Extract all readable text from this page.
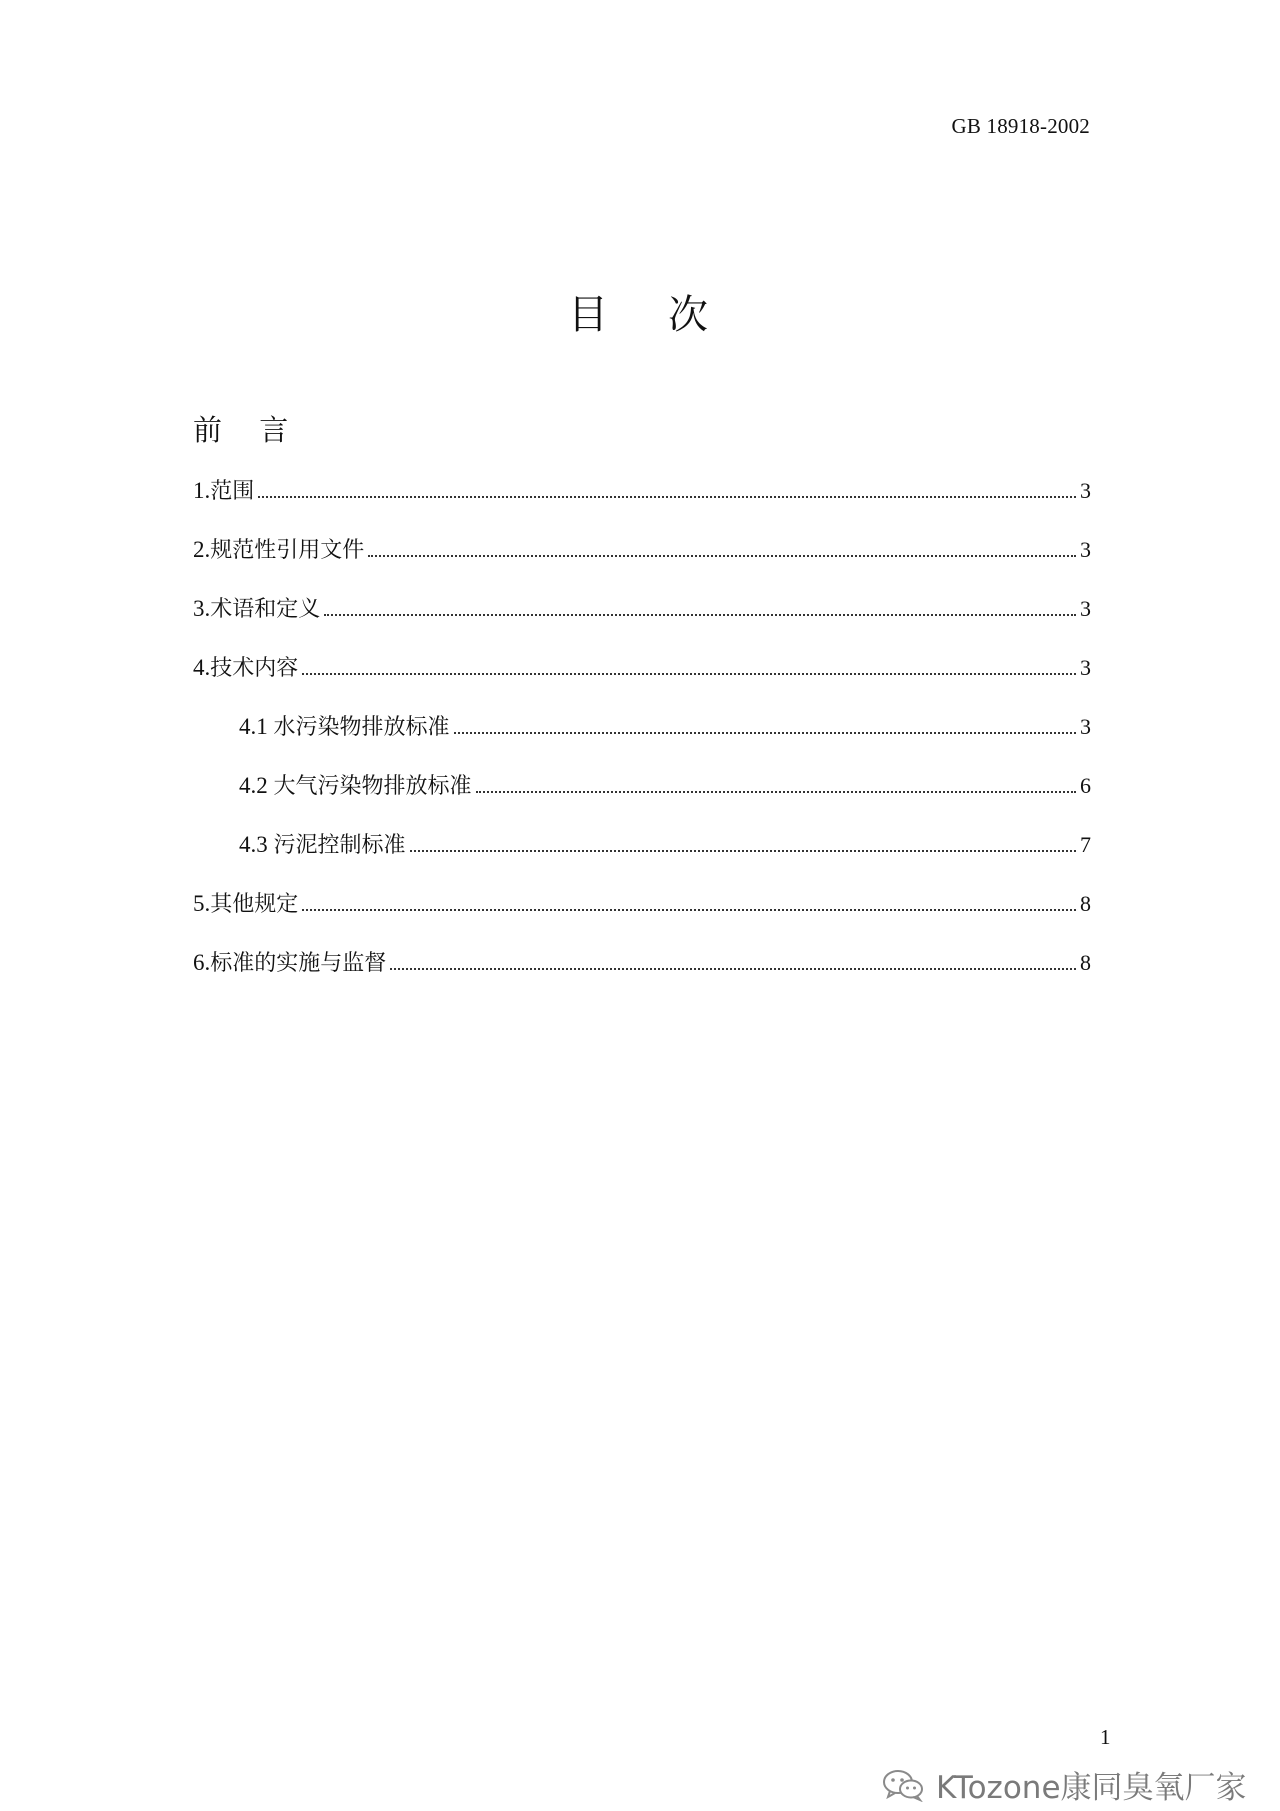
GB 18918-2002
目 次
前 言
1.范围	3
2.规范性引用文件	3
3.术语和定义	3
4.技术内容	3
4.1 水污染物排放标准	3
4.2 大气污染物排放标准	6
4.3 污泥控制标准	7
5.其他规定	8
6.标准的实施与监督	8
1
KTozone康同臭氧厂家
